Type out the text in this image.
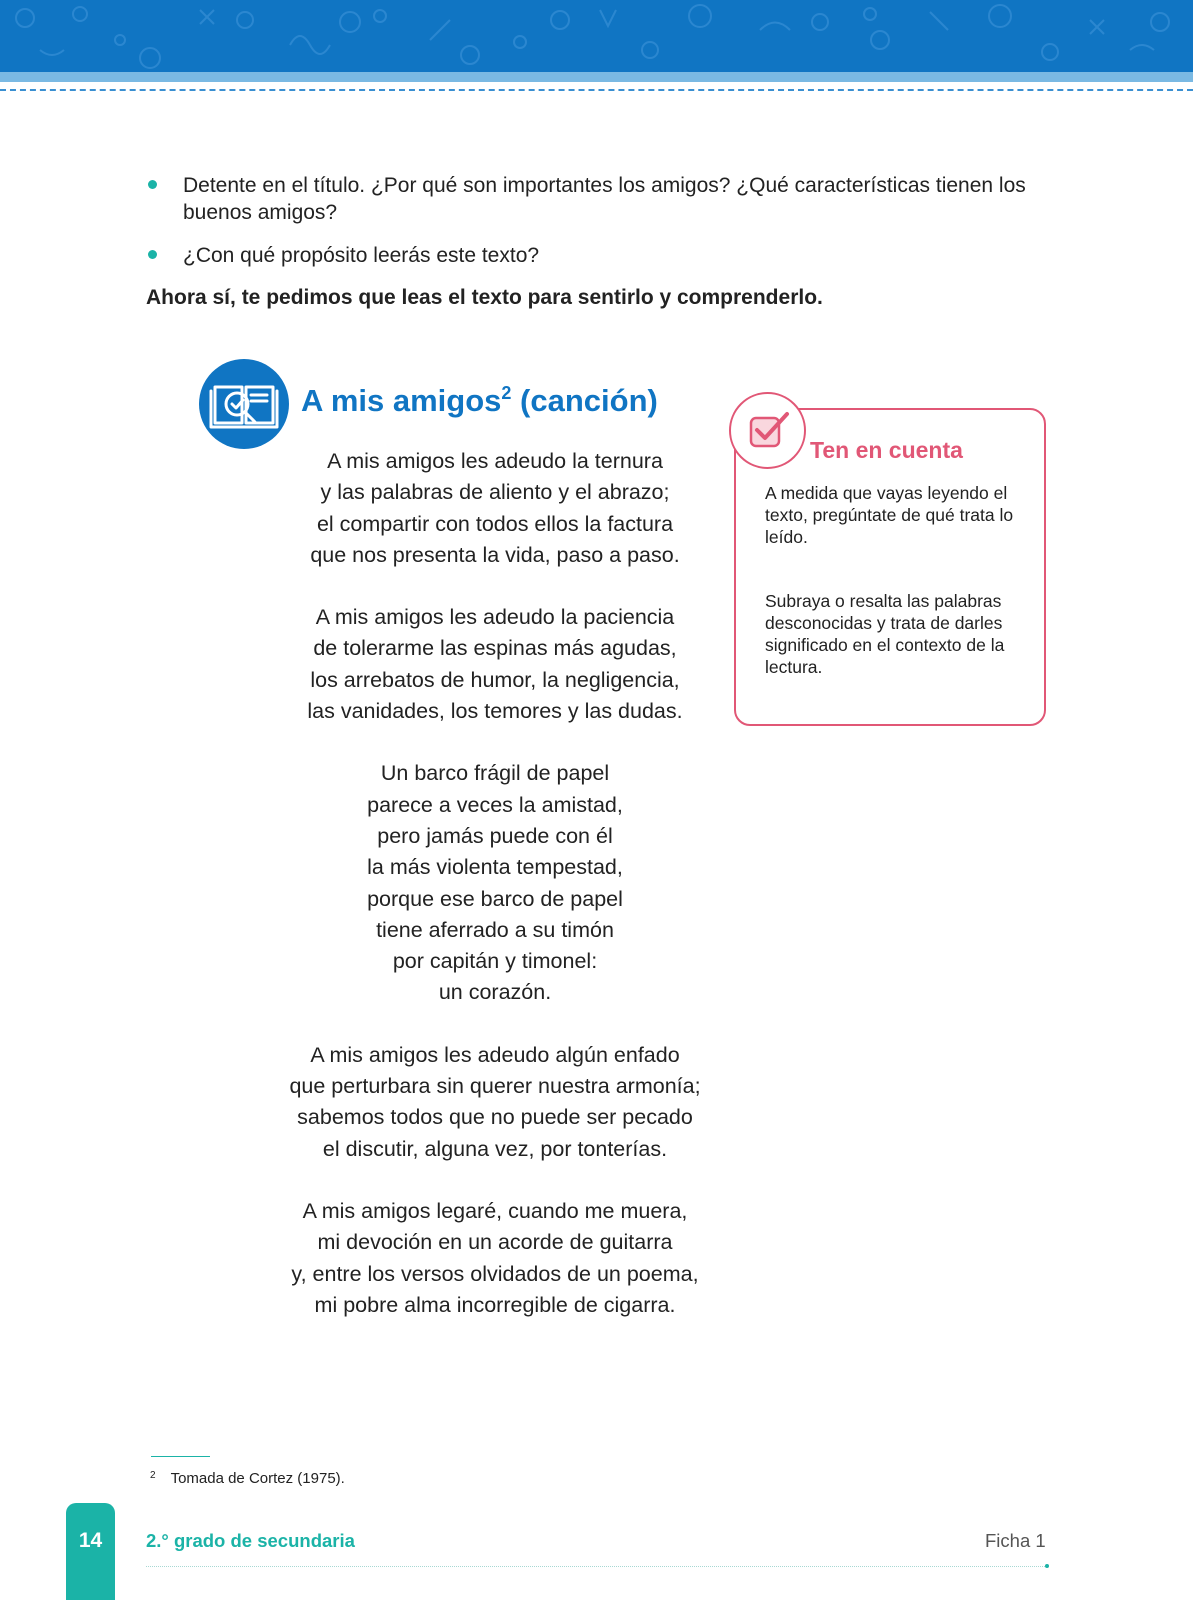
Detente en el título. ¿Por qué son importantes los amigos? ¿Qué características tienen los buenos amigos?
¿Con qué propósito leerás este texto?
Ahora sí, te pedimos que leas el texto para sentirlo y comprenderlo.
A mis amigos$^2$ (canción)
A mis amigos les adeudo la ternura
y las palabras de aliento y el abrazo;
el compartir con todos ellos la factura
que nos presenta la vida, paso a paso.
A mis amigos les adeudo la paciencia
de tolerarme las espinas más agudas,
los arrebatos de humor, la negligencia,
las vanidades, los temores y las dudas.
Un barco frágil de papel
parece a veces la amistad,
pero jamás puede con él
la más violenta tempestad,
porque ese barco de papel
tiene aferrado a su timón
por capitán y timonel:
un corazón.
A mis amigos les adeudo algún enfado
que perturbara sin querer nuestra armonía;
sabemos todos que no puede ser pecado
el discutir, alguna vez, por tonterías.
A mis amigos legaré, cuando me muera,
mi devoción en un acorde de guitarra
y, entre los versos olvidados de un poema,
mi pobre alma incorregible de cigarra.
Ten en cuenta
A medida que vayas leyendo el texto, pregúntate de qué trata lo leído.
Subraya o resalta las palabras desconocidas y trata de darles significado en el contexto de la lectura.
$^2$ Tomada de Cortez (1975).
14	2.° grado de secundaria	Ficha 1
